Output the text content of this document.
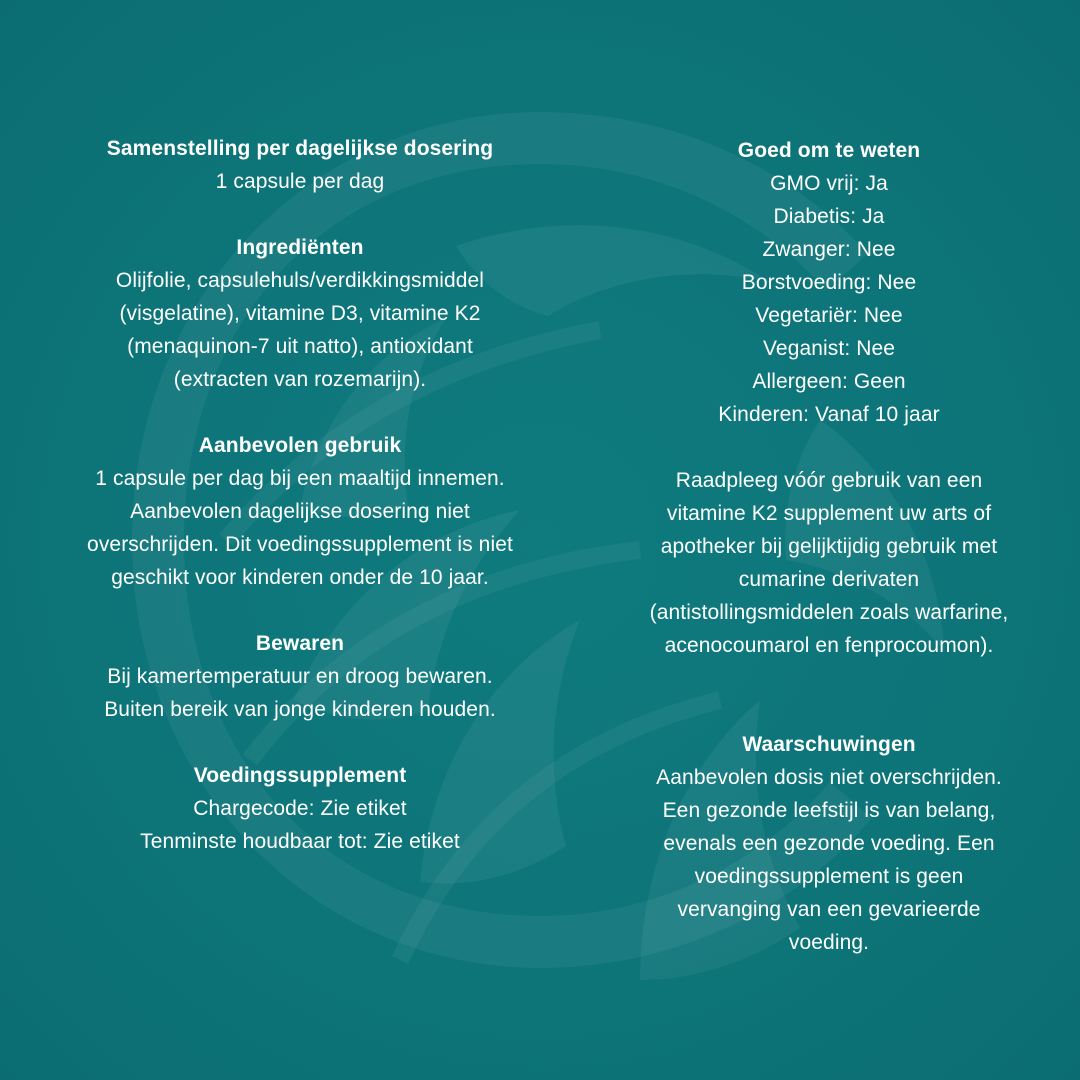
Samenstelling per dagelijkse dosering
1 capsule per dag
Ingrediënten
Olijfolie, capsulehuls/verdikkingsmiddel
(visgelatine), vitamine D3, vitamine K2
(menaquinon-7 uit natto), antioxidant
(extracten van rozemarijn).
Aanbevolen gebruik
1 capsule per dag bij een maaltijd innemen.
Aanbevolen dagelijkse dosering niet
overschrijden. Dit voedingssupplement is niet
geschikt voor kinderen onder de 10 jaar.
Bewaren
Bij kamertemperatuur en droog bewaren.
Buiten bereik van jonge kinderen houden.
Voedingssupplement
Chargecode: Zie etiket
Tenminste houdbaar tot: Zie etiket
Goed om te weten
GMO vrij: Ja
Diabetis: Ja
Zwanger: Nee
Borstvoeding: Nee
Vegetariër: Nee
Veganist: Nee
Allergeen: Geen
Kinderen: Vanaf 10 jaar
Raadpleeg vóór gebruik van een
vitamine K2 supplement uw arts of
apotheker bij gelijktijdig gebruik met
cumarine derivaten
(antistollingsmiddelen zoals warfarine,
acenocoumarol en fenprocoumon).
Waarschuwingen
Aanbevolen dosis niet overschrijden.
Een gezonde leefstijl is van belang,
evenals een gezonde voeding. Een
voedingssupplement is geen
vervanging van een gevarieerde
voeding.
